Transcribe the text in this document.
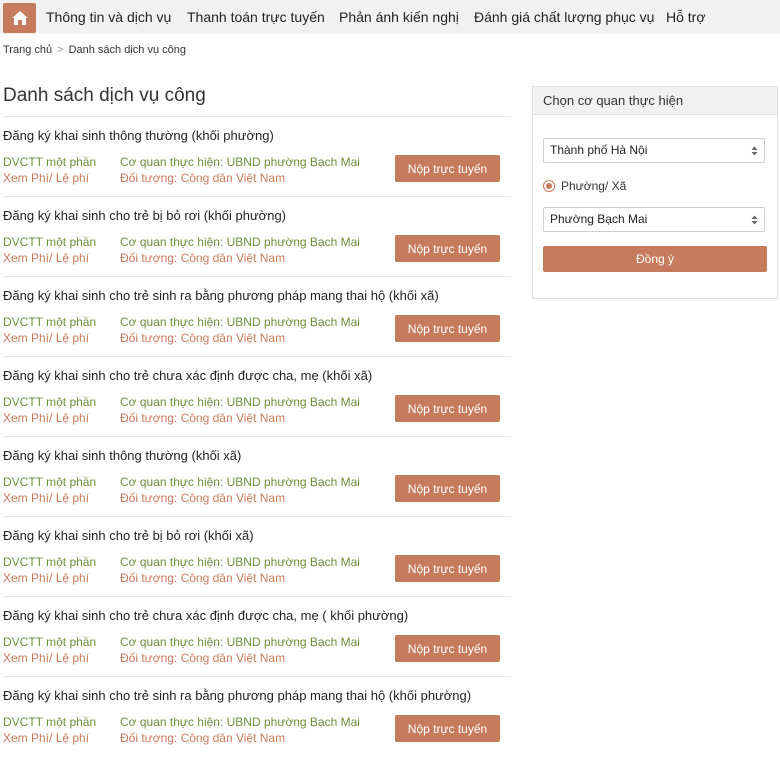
Thông tin và dịch vụ Thanh toán trực tuyến Phản ánh kiến nghị Đánh giá chất lượng phục vụ Hỗ trợ
Trang chủ > Danh sách dịch vụ công
Danh sách dịch vụ công
Đăng ký khai sinh thông thường (khối phường)
DVCTT một phần
Xem Phí/ Lệ phí
Cơ quan thực hiện: UBND phường Bạch Mai
Đối tượng: Công dân Việt Nam
Nộp trực tuyến
Đăng ký khai sinh cho trẻ bị bỏ rơi (khối phường)
DVCTT một phần
Xem Phí/ Lệ phí
Cơ quan thực hiện: UBND phường Bạch Mai
Đối tượng: Công dân Việt Nam
Nộp trực tuyến
Đăng ký khai sinh cho trẻ sinh ra bằng phương pháp mang thai hộ (khối xã)
DVCTT một phần
Xem Phí/ Lệ phí
Cơ quan thực hiện: UBND phường Bạch Mai
Đối tượng: Công dân Việt Nam
Nộp trực tuyến
Đăng ký khai sinh cho trẻ chưa xác định được cha, mẹ (khối xã)
DVCTT một phần
Xem Phí/ Lệ phí
Cơ quan thực hiện: UBND phường Bạch Mai
Đối tượng: Công dân Việt Nam
Nộp trực tuyến
Đăng ký khai sinh thông thường (khối xã)
DVCTT một phần
Xem Phí/ Lệ phí
Cơ quan thực hiện: UBND phường Bạch Mai
Đối tượng: Công dân Việt Nam
Nộp trực tuyến
Đăng ký khai sinh cho trẻ bị bỏ rơi (khối xã)
DVCTT một phần
Xem Phí/ Lệ phí
Cơ quan thực hiện: UBND phường Bạch Mai
Đối tượng: Công dân Việt Nam
Nộp trực tuyến
Đăng ký khai sinh cho trẻ chưa xác định được cha, mẹ ( khối phường)
DVCTT một phần
Xem Phí/ Lệ phí
Cơ quan thực hiện: UBND phường Bạch Mai
Đối tượng: Công dân Việt Nam
Nộp trực tuyến
Đăng ký khai sinh cho trẻ sinh ra bằng phương pháp mang thai hộ (khối phường)
DVCTT một phần
Xem Phí/ Lệ phí
Cơ quan thực hiện: UBND phường Bạch Mai
Đối tượng: Công dân Việt Nam
Nộp trực tuyến
Chọn cơ quan thực hiện
Thành phố Hà Nội
Phường/ Xã
Phường Bạch Mai
Đồng ý
